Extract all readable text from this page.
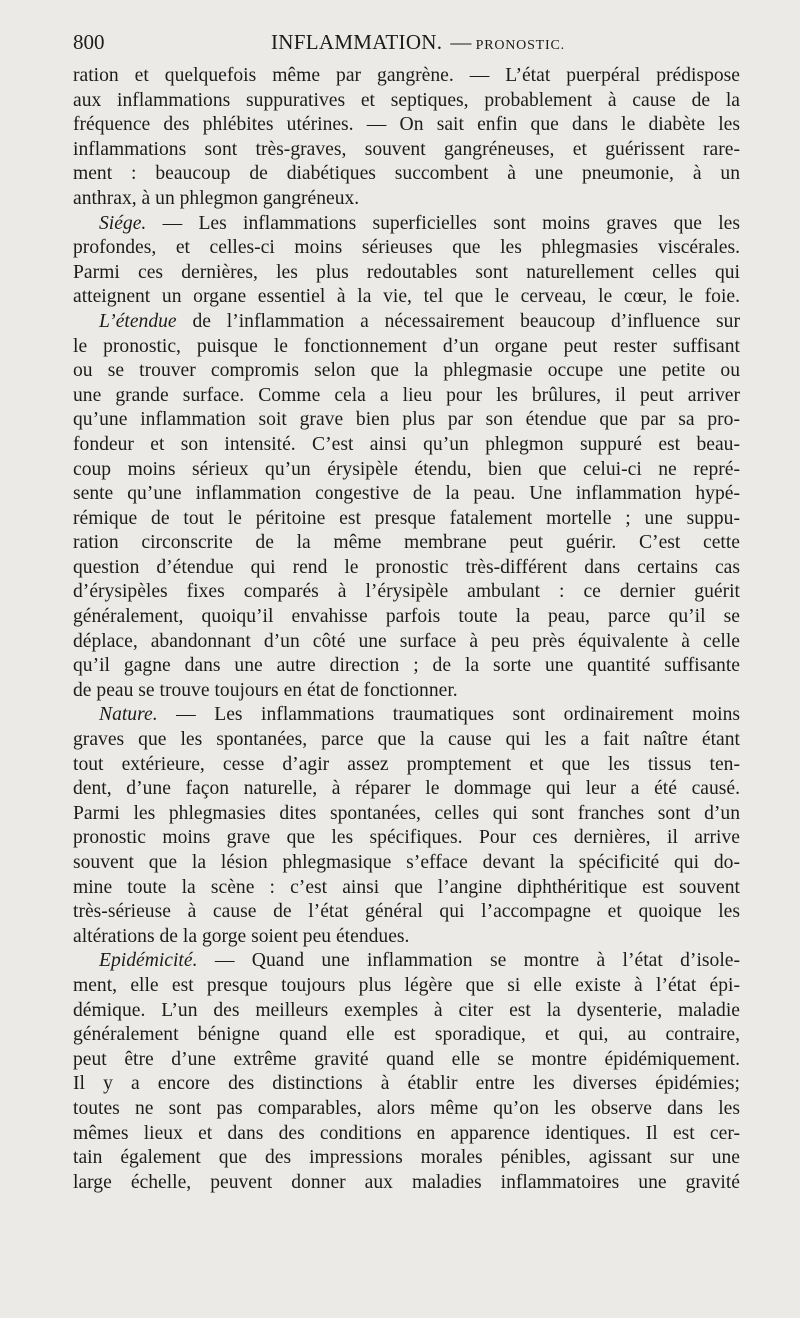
800	INFLAMMATION. — PRONOSTIC.
ration et quelquefois même par gangrène. — L’état puerpéral prédispose
aux inflammations suppuratives et septiques, probablement à cause de la
fréquence des phlébites utérines. — On sait enfin que dans le diabète les
inflammations sont très-graves, souvent gangréneuses, et guérissent rare-
ment : beaucoup de diabétiques succombent à une pneumonie, à un
anthrax, à un phlegmon gangréneux.
Siége. — Les inflammations superficielles sont moins graves que les
profondes, et celles-ci moins sérieuses que les phlegmasies viscérales.
Parmi ces dernières, les plus redoutables sont naturellement celles qui
atteignent un organe essentiel à la vie, tel que le cerveau, le cœur, le foie.
L’étendue de l’inflammation a nécessairement beaucoup d’influence sur
le pronostic, puisque le fonctionnement d’un organe peut rester suffisant
ou se trouver compromis selon que la phlegmasie occupe une petite ou
une grande surface. Comme cela a lieu pour les brûlures, il peut arriver
qu’une inflammation soit grave bien plus par son étendue que par sa pro-
fondeur et son intensité. C’est ainsi qu’un phlegmon suppuré est beau-
coup moins sérieux qu’un érysipèle étendu, bien que celui-ci ne repré-
sente qu’une inflammation congestive de la peau. Une inflammation hypé-
rémique de tout le péritoine est presque fatalement mortelle ; une suppu-
ration circonscrite de la même membrane peut guérir. C’est cette
question d’étendue qui rend le pronostic très-différent dans certains cas
d’érysipèles fixes comparés à l’érysipèle ambulant : ce dernier guérit
généralement, quoiqu’il envahisse parfois toute la peau, parce qu’il se
déplace, abandonnant d’un côté une surface à peu près équivalente à celle
qu’il gagne dans une autre direction ; de la sorte une quantité suffisante
de peau se trouve toujours en état de fonctionner.
Nature. — Les inflammations traumatiques sont ordinairement moins
graves que les spontanées, parce que la cause qui les a fait naître étant
tout extérieure, cesse d’agir assez promptement et que les tissus ten-
dent, d’une façon naturelle, à réparer le dommage qui leur a été causé.
Parmi les phlegmasies dites spontanées, celles qui sont franches sont d’un
pronostic moins grave que les spécifiques. Pour ces dernières, il arrive
souvent que la lésion phlegmasique s’efface devant la spécificité qui do-
mine toute la scène : c’est ainsi que l’angine diphthéritique est souvent
très-sérieuse à cause de l’état général qui l’accompagne et quoique les
altérations de la gorge soient peu étendues.
Epidémicité. — Quand une inflammation se montre à l’état d’isole-
ment, elle est presque toujours plus légère que si elle existe à l’état épi-
démique. L’un des meilleurs exemples à citer est la dysenterie, maladie
généralement bénigne quand elle est sporadique, et qui, au contraire,
peut être d’une extrême gravité quand elle se montre épidémiquement.
Il y a encore des distinctions à établir entre les diverses épidémies;
toutes ne sont pas comparables, alors même qu’on les observe dans les
mêmes lieux et dans des conditions en apparence identiques. Il est cer-
tain également que des impressions morales pénibles, agissant sur une
large échelle, peuvent donner aux maladies inflammatoires une gravité
